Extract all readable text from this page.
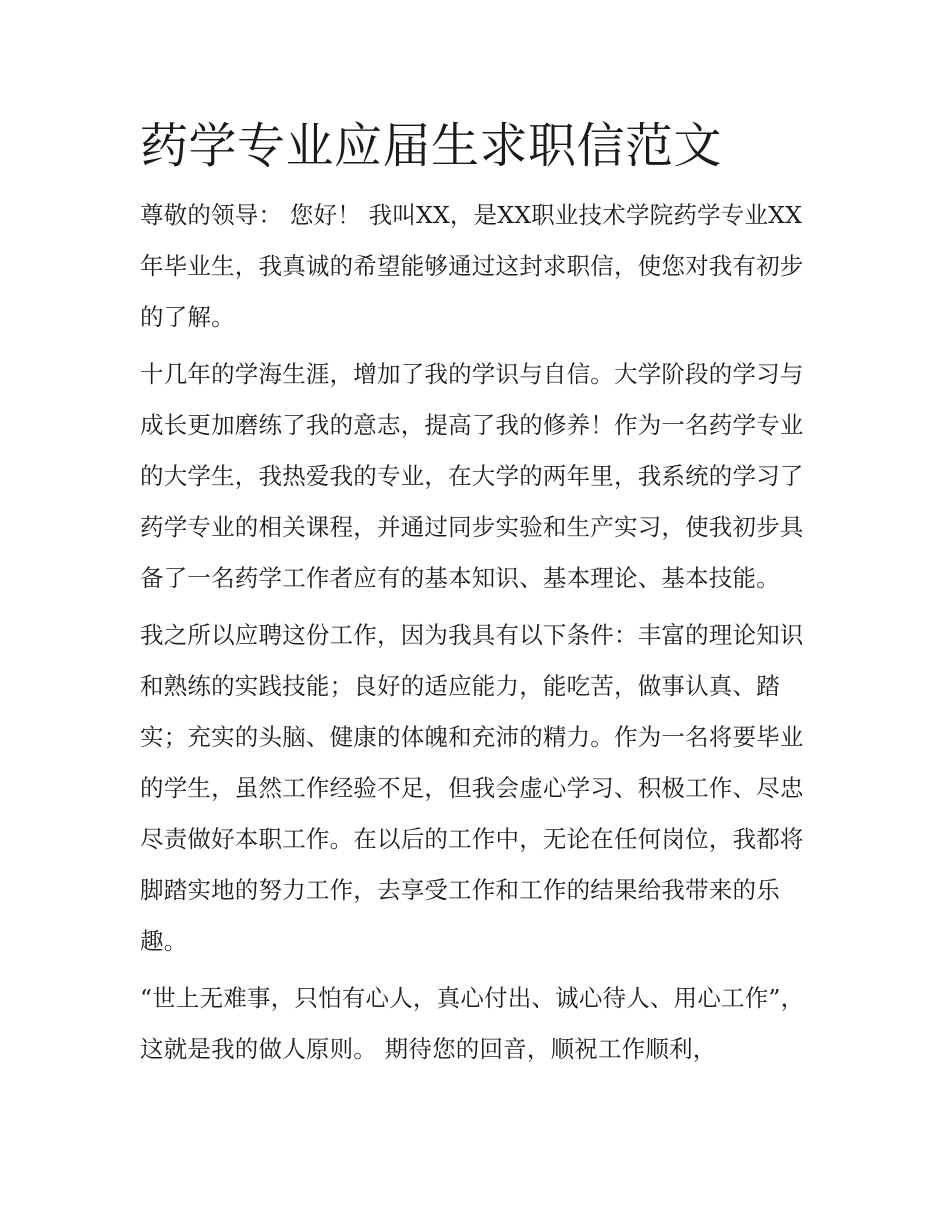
药学专业应届生求职信范文

尊敬的领导： 您好！ 我叫XX，是XX职业技术学院药学专业XX年毕业生，我真诚的希望能够通过这封求职信，使您对我有初步的了解。

十几年的学海生涯，增加了我的学识与自信。大学阶段的学习与成长更加磨练了我的意志，提高了我的修养！作为一名药学专业的大学生，我热爱我的专业，在大学的两年里，我系统的学习了药学专业的相关课程，并通过同步实验和生产实习，使我初步具备了一名药学工作者应有的基本知识、基本理论、基本技能。

我之所以应聘这份工作，因为我具有以下条件：丰富的理论知识和熟练的实践技能；良好的适应能力，能吃苦，做事认真、踏实；充实的头脑、健康的体魄和充沛的精力。作为一名将要毕业的学生，虽然工作经验不足，但我会虚心学习、积极工作、尽忠尽责做好本职工作。在以后的工作中，无论在任何岗位，我都将脚踏实地的努力工作，去享受工作和工作的结果给我带来的乐趣。

“世上无难事，只怕有心人，真心付出、诚心待人、用心工作”，这就是我的做人原则。 期待您的回音，顺祝工作顺利，
